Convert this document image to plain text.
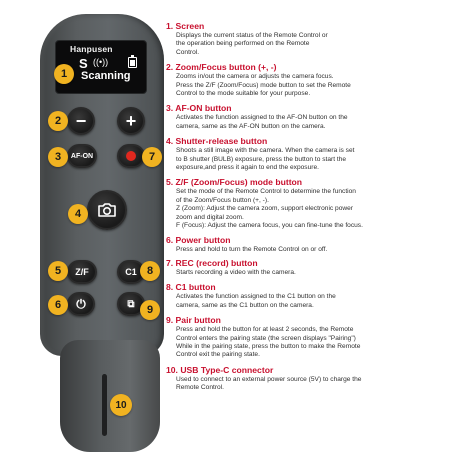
Hanpusen
S ((•))
Scanning
−	+
AF-ON
Z/F	C1
⏻	⧉
1
2
3
4
5
6
7
8
9
10
1. Screen
Displays the current status of the Remote Control or
the operation being performed on the Remote
Control.
2. Zoom/Focus button (+, -)
Zooms in/out the camera or adjusts the camera focus.
Press the Z/F (Zoom/Focus) mode button to set the Remote
Control to the mode suitable for your purpose.
3. AF-ON button
Activates the function assigned to the AF-ON button on the
camera, same as the AF-ON button on the camera.
4. Shutter-release button
Shoots a still image with the camera. When the camera is set
to B shutter (BULB) exposure, press the button to start the
exposure,and press it again to end the exposure.
5. Z/F (Zoom/Focus) mode button
Set the mode of the Remote Control to determine the function
of the Zoom/Focus button (+, -).
Z (Zoom): Adjust the camera zoom, support electronic power
zoom and digital zoom.
F (Focus): Adjust the camera focus, you can fine-tune the focus.
6. Power button
Press and hold to turn the Remote Control on or off.
7. REC (record) button
Starts recording a video with the camera.
8. C1 button
Activates the function assigned to the C1 button on the
camera, same as the C1 button on the camera.
9. Pair button
Press and hold the button for at least 2 seconds, the Remote
Control enters the pairing state (the screen displays "Pairing")
While in the pairing state, press the button to make the Remote
Control exit the pairing state.
10. USB Type-C connector
Used to connect to an external power source (5V) to charge the
Remote Control.
